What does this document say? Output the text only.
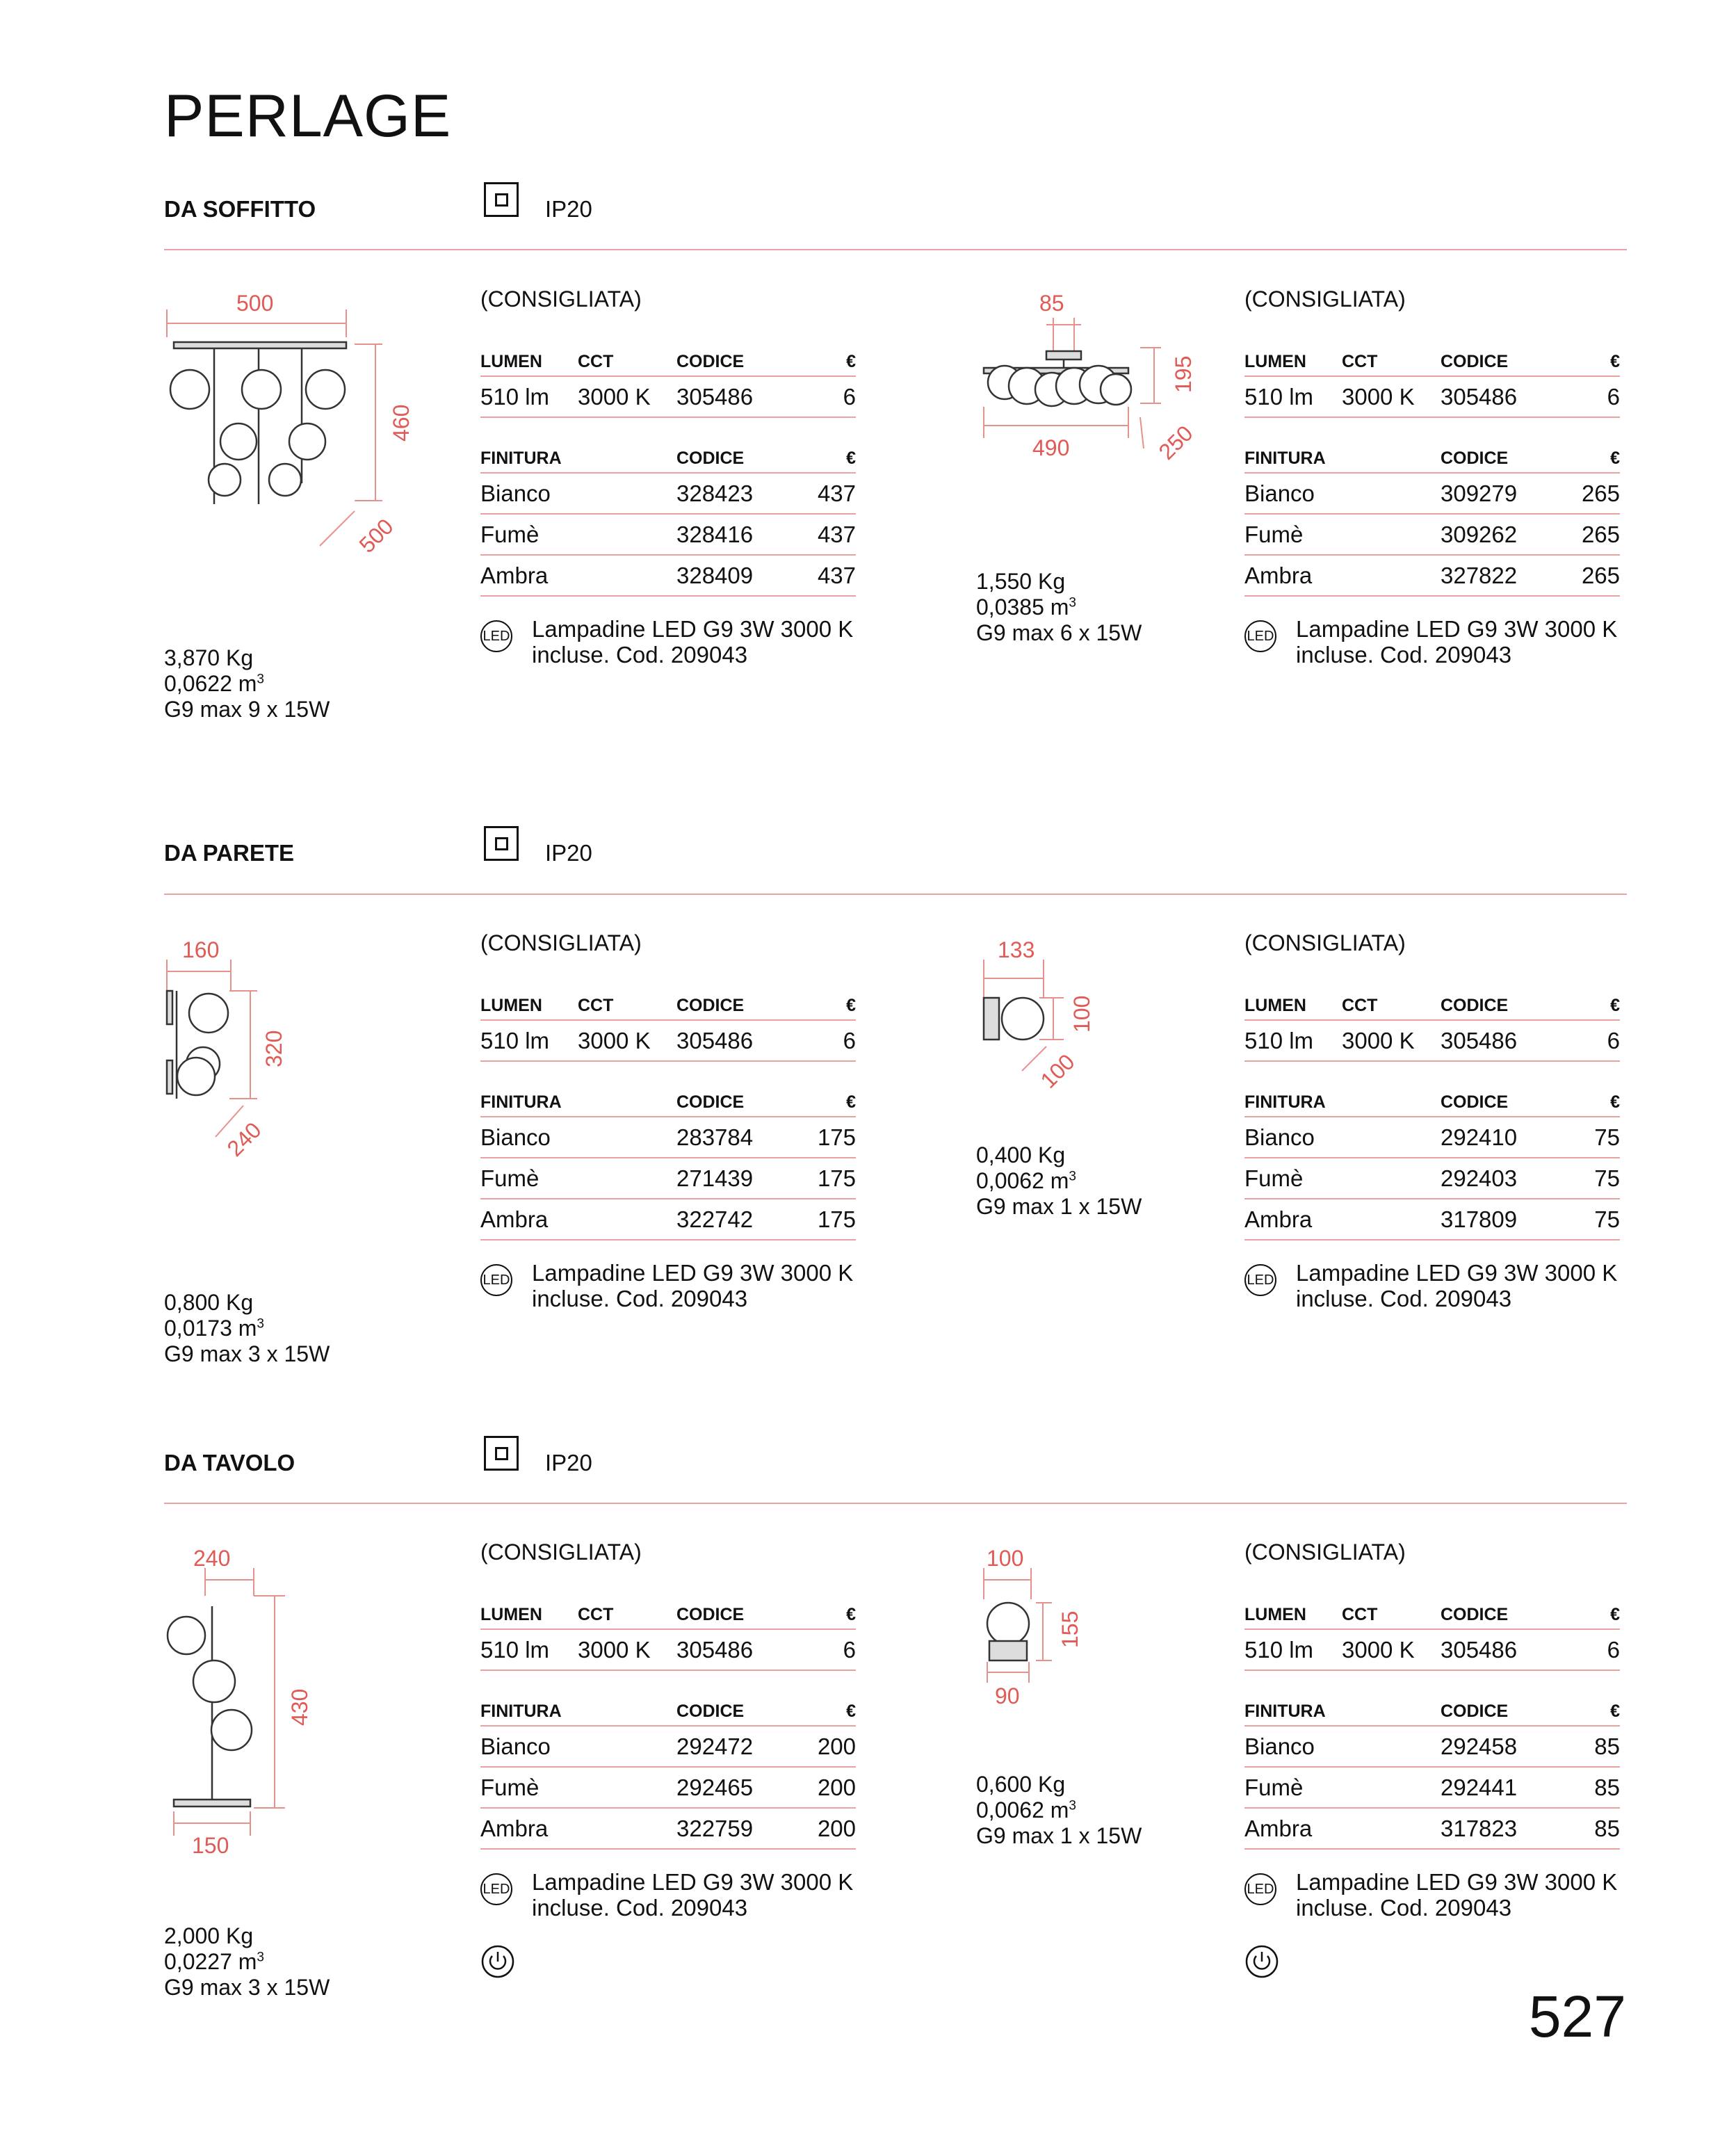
PERLAGE
DA SOFFITTO	IP20
500
460
500
3,870 Kg
0,0622 $m^3$
G9 max 9 x 15W
(CONSIGLIATA)
LUMEN	CCT	CODICE	€
510 lm	3000 K	305486	6
FINITURA	CODICE	€
Bianco	328423	437
Fumè	328416	437
Ambra	328409	437
LED Lampadine LED G9 3W 3000 K
incluse. Cod. 209043
85
195
490	250
1,550 Kg
0,0385 $m^3$
G9 max 6 x 15W
(CONSIGLIATA)
LUMEN	CCT	CODICE	€
510 lm	3000 K	305486	6
FINITURA	CODICE	€
Bianco	309279	265
Fumè	309262	265
Ambra	327822	265
LED Lampadine LED G9 3W 3000 K
incluse. Cod. 209043
DA PARETE	IP20
160
320
240
0,800 Kg
0,0173 $m^3$
G9 max 3 x 15W
(CONSIGLIATA)
LUMEN	CCT	CODICE	€
510 lm	3000 K	305486	6
FINITURA	CODICE	€
Bianco	283784	175
Fumè	271439	175
Ambra	322742	175
LED Lampadine LED G9 3W 3000 K
incluse. Cod. 209043
133
100
100
0,400 Kg
0,0062 $m^3$
G9 max 1 x 15W
(CONSIGLIATA)
LUMEN	CCT	CODICE	€
510 lm	3000 K	305486	6
FINITURA	CODICE	€
Bianco	292410	75
Fumè	292403	75
Ambra	317809	75
LED Lampadine LED G9 3W 3000 K
incluse. Cod. 209043
DA TAVOLO	IP20
240
430
150
2,000 Kg
0,0227 $m^3$
G9 max 3 x 15W
(CONSIGLIATA)
LUMEN	CCT	CODICE	€
510 lm	3000 K	305486	6
FINITURA	CODICE	€
Bianco	292472	200
Fumè	292465	200
Ambra	322759	200
LED Lampadine LED G9 3W 3000 K
incluse. Cod. 209043
100
155
90
0,600 Kg
0,0062 $m^3$
G9 max 1 x 15W
(CONSIGLIATA)
LUMEN	CCT	CODICE	€
510 lm	3000 K	305486	6
FINITURA	CODICE	€
Bianco	292458	85
Fumè	292441	85
Ambra	317823	85
LED Lampadine LED G9 3W 3000 K
incluse. Cod. 209043
527
